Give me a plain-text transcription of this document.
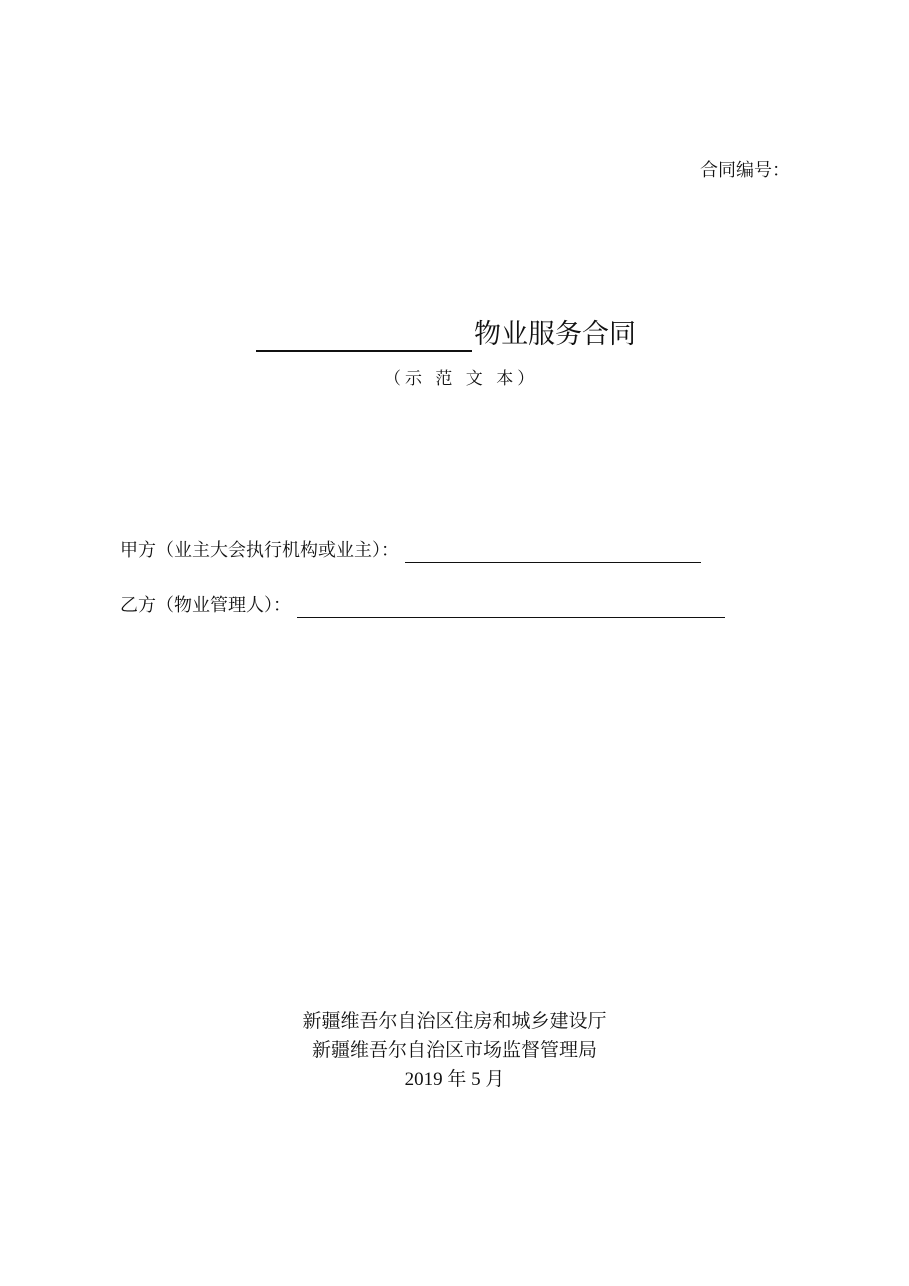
合同编号：
物业服务合同
（示 范 文 本）
甲方（业主大会执行机构或业主）：
乙方（物业管理人）：
新疆维吾尔自治区住房和城乡建设厅
新疆维吾尔自治区市场监督管理局
2019 年 5 月
